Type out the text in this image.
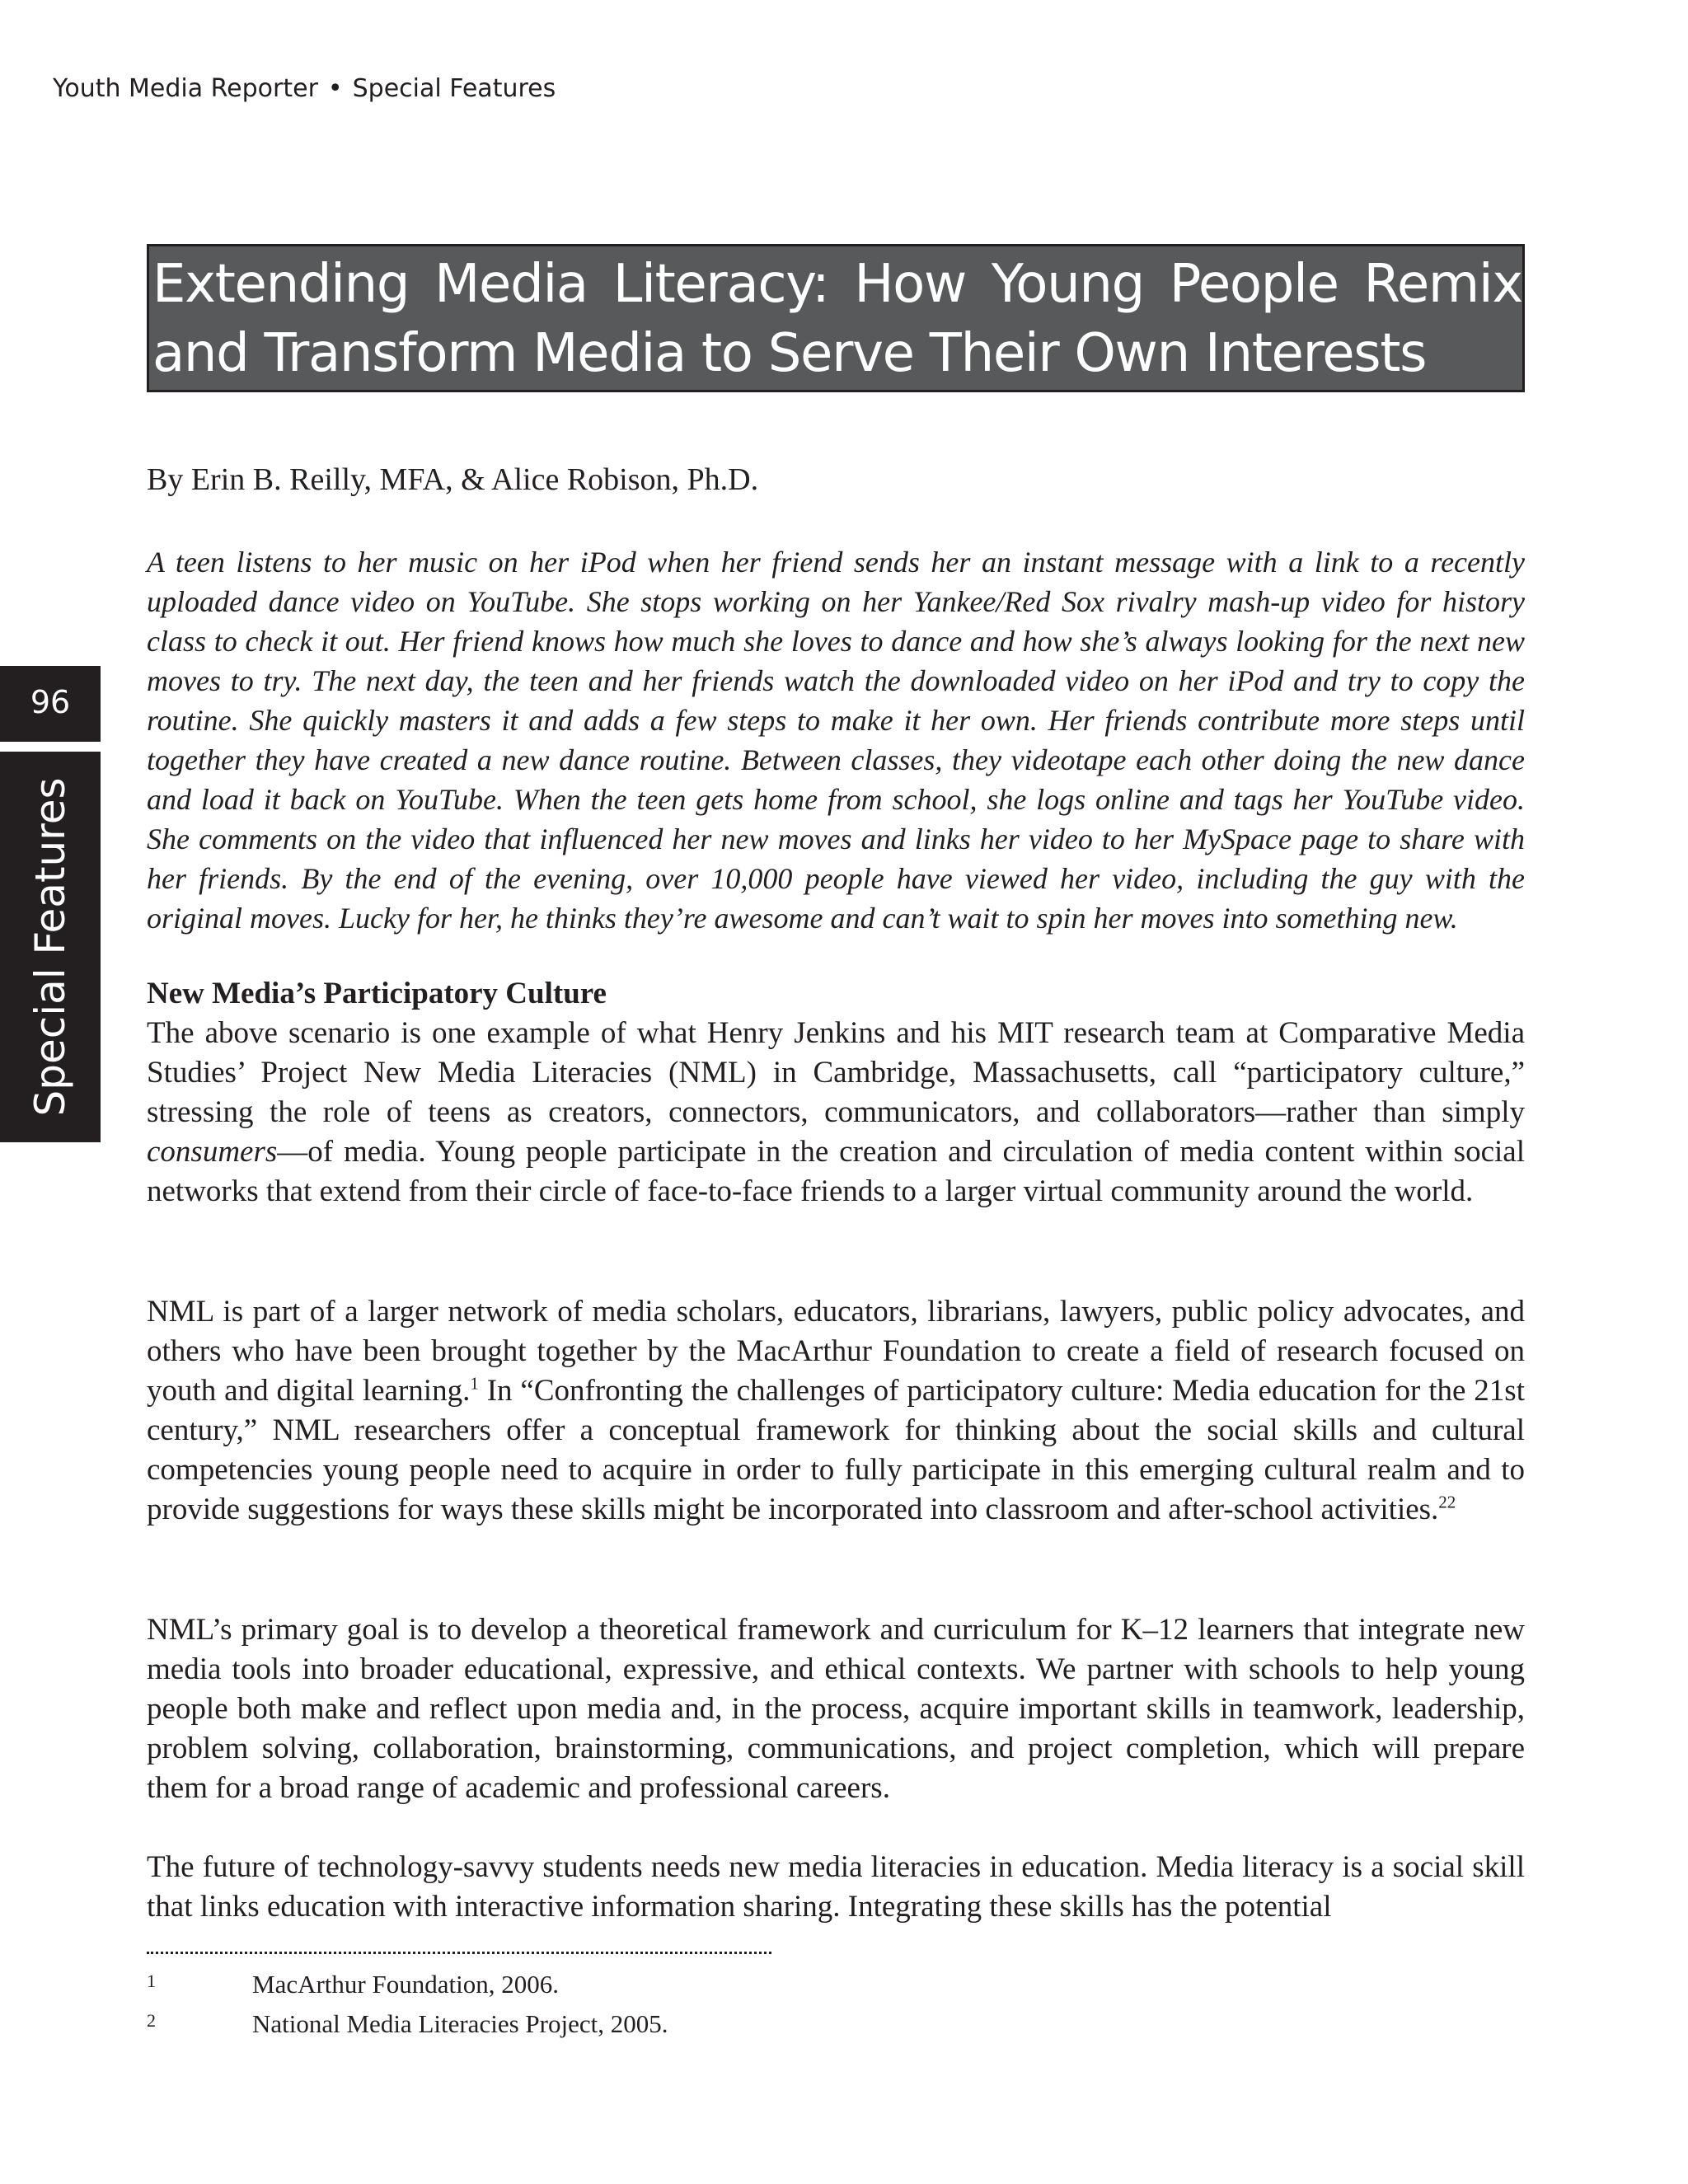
Youth Media Reporter • Special Features
96
Special Features
Extending Media Literacy: How Young People Remix and Transform Media to Serve Their Own Interests
By Erin B. Reilly, MFA, & Alice Robison, Ph.D.

A teen listens to her music on her iPod when her friend sends her an instant message with a link to a recently uploaded dance video on YouTube. She stops working on her Yankee/Red Sox rivalry mash-up video for history class to check it out. Her friend knows how much she loves to dance and how she’s always looking for the next new moves to try. The next day, the teen and her friends watch the downloaded video on her iPod and try to copy the routine. She quickly masters it and adds a few steps to make it her own. Her friends contribute more steps until together they have created a new dance routine. Between classes, they videotape each other doing the new dance and load it back on YouTube. When the teen gets home from school, she logs online and tags her YouTube video. She comments on the video that influenced her new moves and links her video to her MySpace page to share with her friends. By the end of the evening, over 10,000 people have viewed her video, including the guy with the original moves. Lucky for her, he thinks they’re awesome and can’t wait to spin her moves into something new.

New Media’s Participatory Culture

The above scenario is one example of what Henry Jenkins and his MIT research team at Comparative Media Studies’ Project New Media Literacies (NML) in Cambridge, Massachusetts, call “participatory culture,” stressing the role of teens as creators, connectors, communicators, and collaborators—rather than simply consumers—of media. Young people participate in the creation and circulation of media content within social networks that extend from their circle of face-to-face friends to a larger virtual community around the world.

NML is part of a larger network of media scholars, educators, librarians, lawyers, public policy advocates, and others who have been brought together by the MacArthur Foundation to create a field of research focused on youth and digital learning.$^1$ In “Confronting the challenges of participatory culture: Media education for the 21st century,” NML researchers offer a conceptual framework for thinking about the social skills and cultural competencies young people need to acquire in order to fully participate in this emerging cultural realm and to provide suggestions for ways these skills might be incorporated into classroom and after-school activities.$^{22}$

NML’s primary goal is to develop a theoretical framework and curriculum for K–12 learners that integrate new media tools into broader educational, expressive, and ethical contexts. We partner with schools to help young people both make and reflect upon media and, in the process, acquire important skills in teamwork, leadership, problem solving, collaboration, brainstorming, communications, and project completion, which will prepare them for a broad range of academic and professional careers.

The future of technology-savvy students needs new media literacies in education. Media literacy is a social skill that links education with interactive information sharing. Integrating these skills has the potential

1	MacArthur Foundation, 2006.
2	National Media Literacies Project, 2005.
